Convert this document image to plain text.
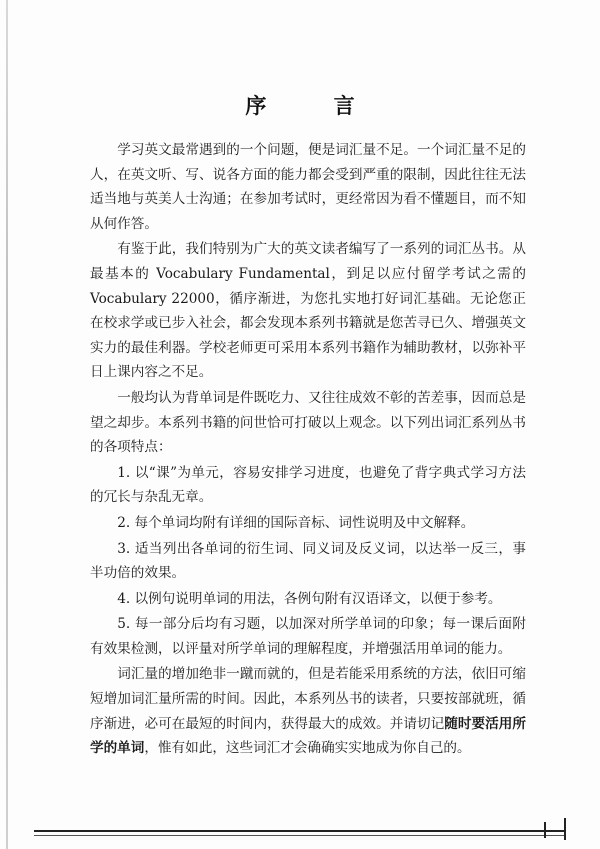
序 言

学习英文最常遇到的一个问题，便是词汇量不足。一个词汇量不足的人，在英文听、写、说各方面的能力都会受到严重的限制，因此往往无法适当地与英美人士沟通；在参加考试时，更经常因为看不懂题目，而不知从何作答。

有鉴于此，我们特别为广大的英文读者编写了一系列的词汇丛书。从最基本的 Vocabulary Fundamental，到足以应付留学考试之需的 Vocabulary 22000，循序渐进，为您扎实地打好词汇基础。无论您正在校求学或已步入社会，都会发现本系列书籍就是您苦寻已久、增强英文实力的最佳利器。学校老师更可采用本系列书籍作为辅助教材，以弥补平日上课内容之不足。

一般均认为背单词是件既吃力、又往往成效不彰的苦差事，因而总是望之却步。本系列书籍的问世恰可打破以上观念。以下列出词汇系列丛书的各项特点：

1. 以“课”为单元，容易安排学习进度，也避免了背字典式学习方法的冗长与杂乱无章。

2. 每个单词均附有详细的国际音标、词性说明及中文解释。

3. 适当列出各单词的衍生词、同义词及反义词，以达举一反三，事半功倍的效果。

4. 以例句说明单词的用法，各例句附有汉语译文，以便于参考。

5. 每一部分后均有习题，以加深对所学单词的印象；每一课后面附有效果检测，以评量对所学单词的理解程度，并增强活用单词的能力。

词汇量的增加绝非一蹴而就的，但是若能采用系统的方法，依旧可缩短增加词汇量所需的时间。因此，本系列丛书的读者，只要按部就班，循序渐进，必可在最短的时间内，获得最大的成效。并请切记随时要活用所学的单词，惟有如此，这些词汇才会确确实实地成为你自己的。
